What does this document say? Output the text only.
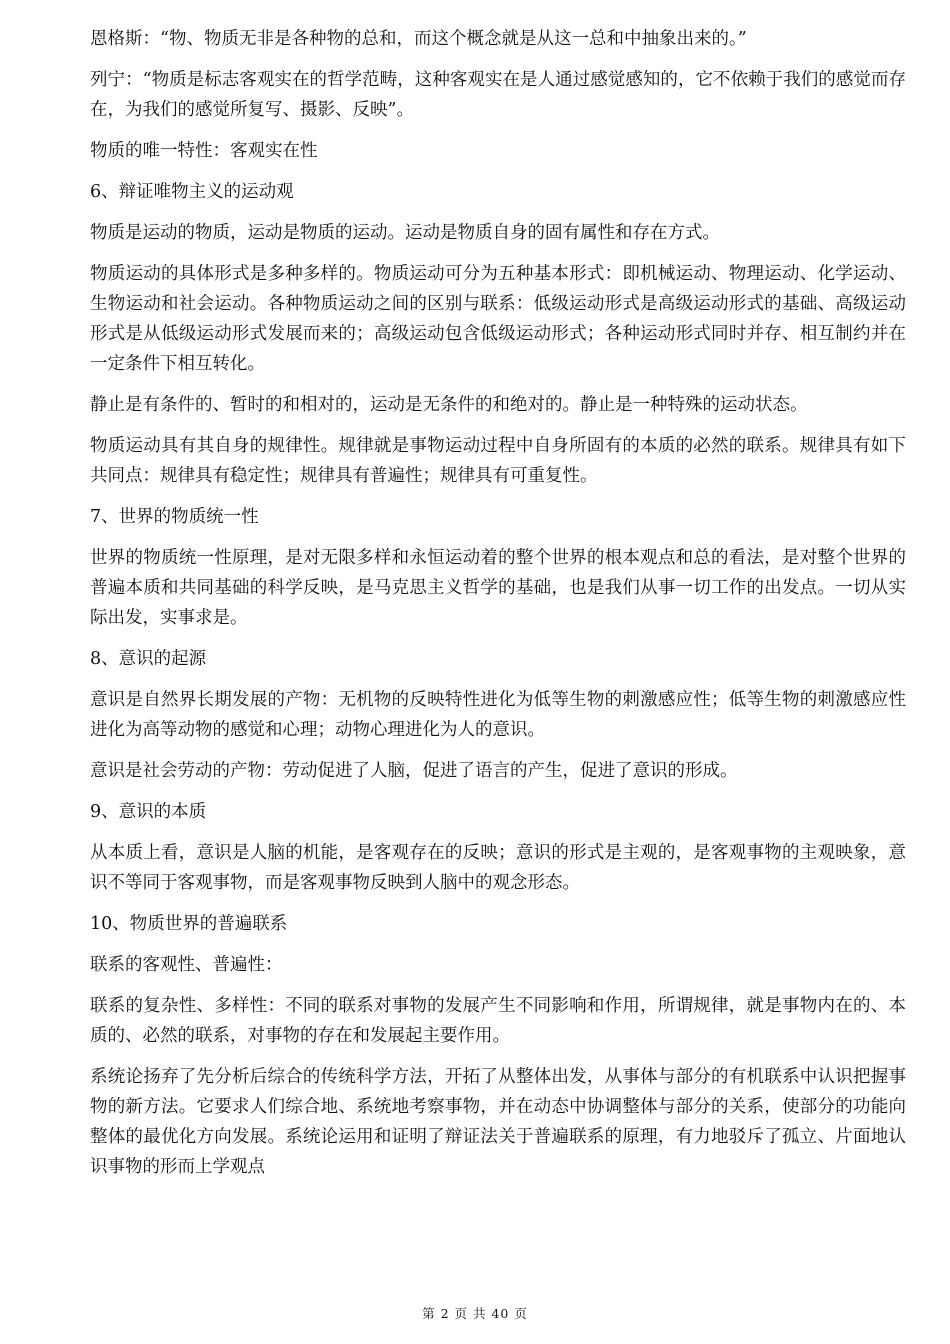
恩格斯：“物、物质无非是各种物的总和，而这个概念就是从这一总和中抽象出来的。”

列宁：“物质是标志客观实在的哲学范畴，这种客观实在是人通过感觉感知的，它不依赖于我们的感觉而存在，为我们的感觉所复写、摄影、反映”。

物质的唯一特性：客观实在性

6、辩证唯物主义的运动观

物质是运动的物质，运动是物质的运动。运动是物质自身的固有属性和存在方式。

物质运动的具体形式是多种多样的。物质运动可分为五种基本形式：即机械运动、物理运动、化学运动、生物运动和社会运动。各种物质运动之间的区别与联系：低级运动形式是高级运动形式的基础、高级运动形式是从低级运动形式发展而来的；高级运动包含低级运动形式；各种运动形式同时并存、相互制约并在一定条件下相互转化。

静止是有条件的、暂时的和相对的，运动是无条件的和绝对的。静止是一种特殊的运动状态。

物质运动具有其自身的规律性。规律就是事物运动过程中自身所固有的本质的必然的联系。规律具有如下共同点：规律具有稳定性；规律具有普遍性；规律具有可重复性。

7、世界的物质统一性

世界的物质统一性原理，是对无限多样和永恒运动着的整个世界的根本观点和总的看法，是对整个世界的普遍本质和共同基础的科学反映，是马克思主义哲学的基础，也是我们从事一切工作的出发点。一切从实际出发，实事求是。

8、意识的起源

意识是自然界长期发展的产物：无机物的反映特性进化为低等生物的刺激感应性；低等生物的刺激感应性进化为高等动物的感觉和心理；动物心理进化为人的意识。

意识是社会劳动的产物：劳动促进了人脑，促进了语言的产生，促进了意识的形成。

9、意识的本质

从本质上看，意识是人脑的机能，是客观存在的反映；意识的形式是主观的，是客观事物的主观映象，意识不等同于客观事物，而是客观事物反映到人脑中的观念形态。

10、物质世界的普遍联系

联系的客观性、普遍性：

联系的复杂性、多样性：不同的联系对事物的发展产生不同影响和作用，所谓规律，就是事物内在的、本质的、必然的联系，对事物的存在和发展起主要作用。

系统论扬弃了先分析后综合的传统科学方法，开拓了从整体出发，从事体与部分的有机联系中认识把握事物的新方法。它要求人们综合地、系统地考察事物，并在动态中协调整体与部分的关系，使部分的功能向整体的最优化方向发展。系统论运用和证明了辩证法关于普遍联系的原理，有力地驳斥了孤立、片面地认识事物的形而上学观点

第 2 页 共 40 页
